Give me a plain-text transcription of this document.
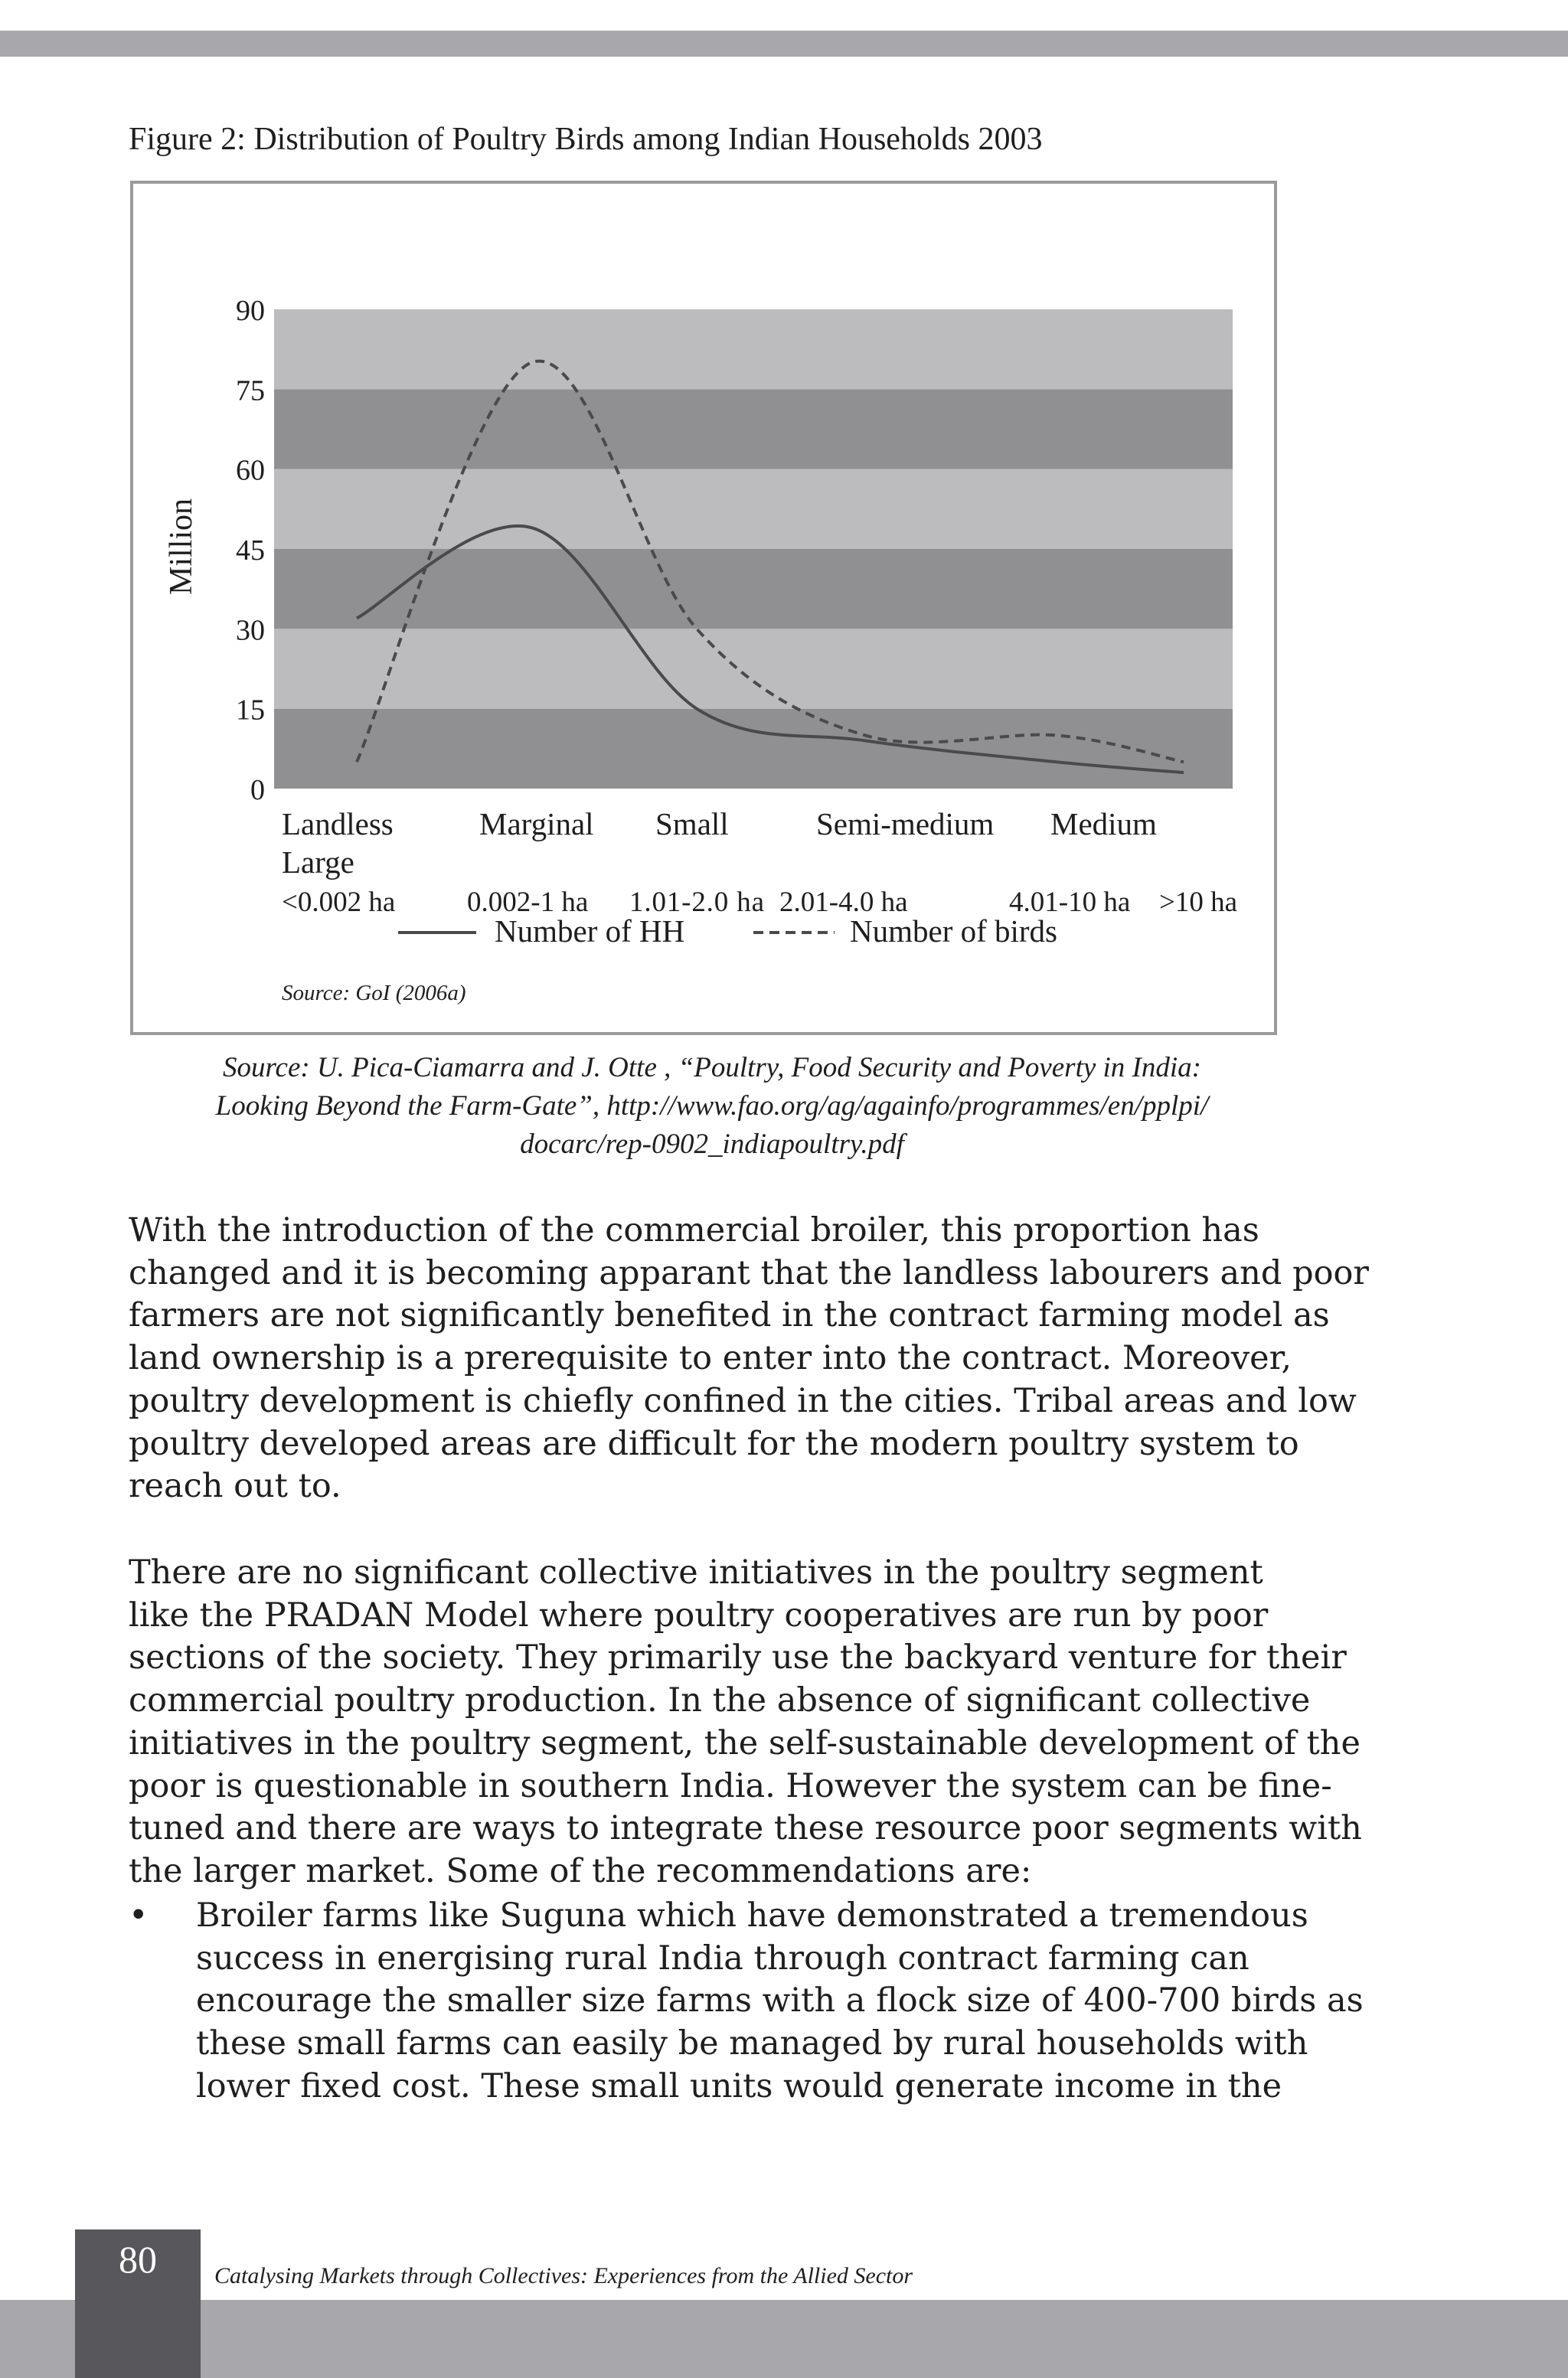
Figure 2: Distribution of Poultry Birds among Indian Households 2003
0
15
30
45
60
75
90
Million
Landless	Marginal Small	Semi-medium Medium
Large
<0.002 ha	0.002-1 ha 1.01-2.0 ha 2.01-4.0 ha	4.01-10 ha >10 ha
Number of HH	Number of birds
Source: GoI (2006a)
Source: U. Pica-Ciamarra and J. Otte , “Poultry, Food Security and Poverty in India:
Looking Beyond the Farm-Gate”, http://www.fao.org/ag/againfo/programmes/en/pplpi/
docarc/rep-0902_indiapoultry.pdf
With the introduction of the commercial broiler, this proportion has
changed and it is becoming apparant that the landless labourers and poor
farmers are not significantly benefited in the contract farming model as
land ownership is a prerequisite to enter into the contract. Moreover,
poultry development is chiefly confined in the cities. Tribal areas and low
poultry developed areas are difficult for the modern poultry system to
reach out to.
There are no significant collective initiatives in the poultry segment
like the PRADAN Model where poultry cooperatives are run by poor
sections of the society. They primarily use the backyard venture for their
commercial poultry production. In the absence of significant collective
initiatives in the poultry segment, the self-sustainable development of the
poor is questionable in southern India. However the system can be fine-
tuned and there are ways to integrate these resource poor segments with
the larger market. Some of the recommendations are:
•	Broiler farms like Suguna which have demonstrated a tremendous
success in energising rural India through contract farming can
encourage the smaller size farms with a flock size of 400-700 birds as
these small farms can easily be managed by rural households with
lower fixed cost. These small units would generate income in the
80	Catalysing Markets through Collectives: Experiences from the Allied Sector
